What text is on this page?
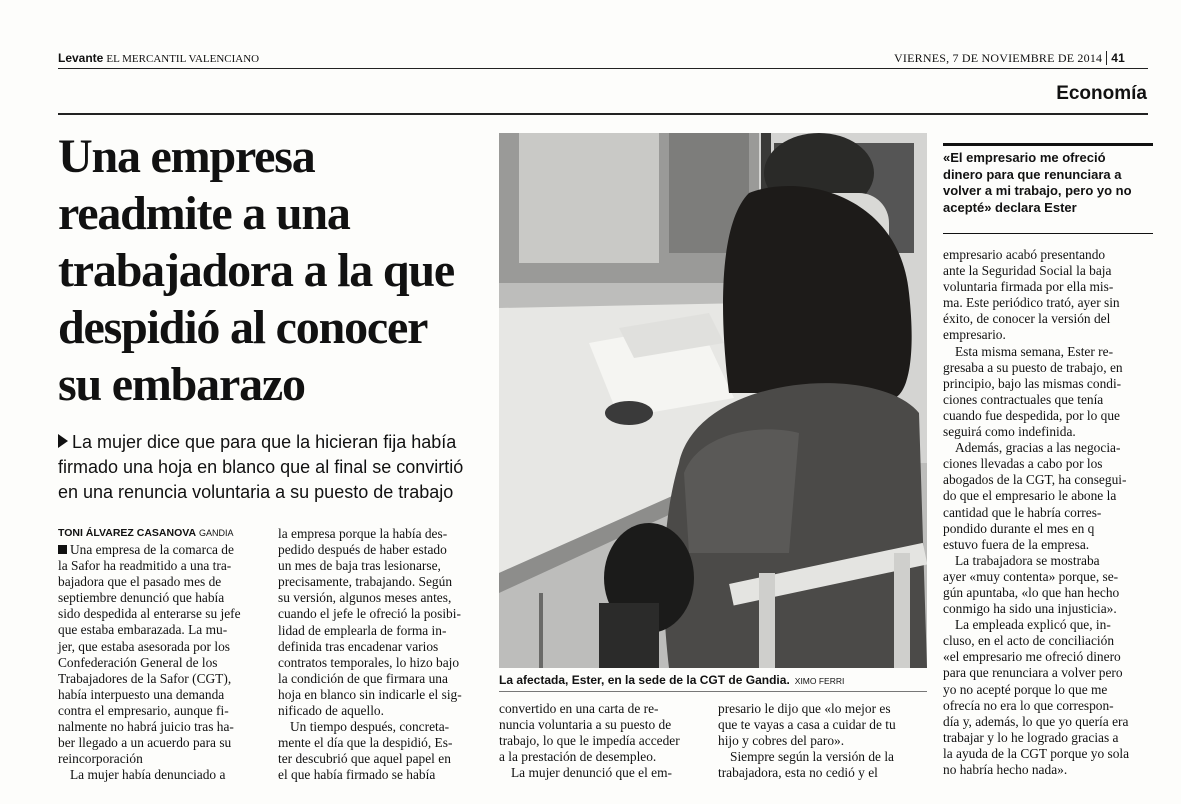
Levante EL MERCANTIL VALENCIANO	VIERNES, 7 DE NOVIEMBRE DE 2014 41
Economía
Una empresa
readmite a una
trabajadora a la que
despidió al conocer
su embarazo
La mujer dice que para que la hicieran fija había
firmado una hoja en blanco que al final se convirtió
en una renuncia voluntaria a su puesto de trabajo
TONI ÁLVAREZ CASANOVA GANDIA
Una empresa de la comarca de
la Safor ha readmitido a una tra-
bajadora que el pasado mes de
septiembre denunció que había
sido despedida al enterarse su jefe
que estaba embarazada. La mu-
jer, que estaba asesorada por los
Confederación General de los
Trabajadores de la Safor (CGT),
había interpuesto una demanda
contra el empresario, aunque fi-
nalmente no habrá juicio tras ha-
ber llegado a un acuerdo para su
reincorporación
La mujer había denunciado a
la empresa porque la había des-
pedido después de haber estado
un mes de baja tras lesionarse,
precisamente, trabajando. Según
su versión, algunos meses antes,
cuando el jefe le ofreció la posibi-
lidad de emplearla de forma in-
definida tras encadenar varios
contratos temporales, lo hizo bajo
la condición de que firmara una
hoja en blanco sin indicarle el sig-
nificado de aquello.
Un tiempo después, concreta-
mente el día que la despidió, Es-
ter descubrió que aquel papel en
el que había firmado se había
La afectada, Ester, en la sede de la CGT de Gandia. XIMO FERRI
convertido en una carta de re-
nuncia voluntaria a su puesto de
trabajo, lo que le impedía acceder
a la prestación de desempleo.
La mujer denunció que el em-
presario le dijo que «lo mejor es
que te vayas a casa a cuidar de tu
hijo y cobres del paro».
Siempre según la versión de la
trabajadora, esta no cedió y el
«El empresario me ofreció
dinero para que renunciara a
volver a mi trabajo, pero yo no
acepté» declara Ester
empresario acabó presentando
ante la Seguridad Social la baja
voluntaria firmada por ella mis-
ma. Este periódico trató, ayer sin
éxito, de conocer la versión del
empresario.
Esta misma semana, Ester re-
gresaba a su puesto de trabajo, en
principio, bajo las mismas condi-
ciones contractuales que tenía
cuando fue despedida, por lo que
seguirá como indefinida.
Además, gracias a las negocia-
ciones llevadas a cabo por los
abogados de la CGT, ha consegui-
do que el empresario le abone la
cantidad que le habría corres-
pondido durante el mes en q
estuvo fuera de la empresa.
La trabajadora se mostraba
ayer «muy contenta» porque, se-
gún apuntaba, «lo que han hecho
conmigo ha sido una injusticia».
La empleada explicó que, in-
cluso, en el acto de conciliación
«el empresario me ofreció dinero
para que renunciara a volver pero
yo no acepté porque lo que me
ofrecía no era lo que correspon-
día y, además, lo que yo quería era
trabajar y lo he logrado gracias a
la ayuda de la CGT porque yo sola
no habría hecho nada».
